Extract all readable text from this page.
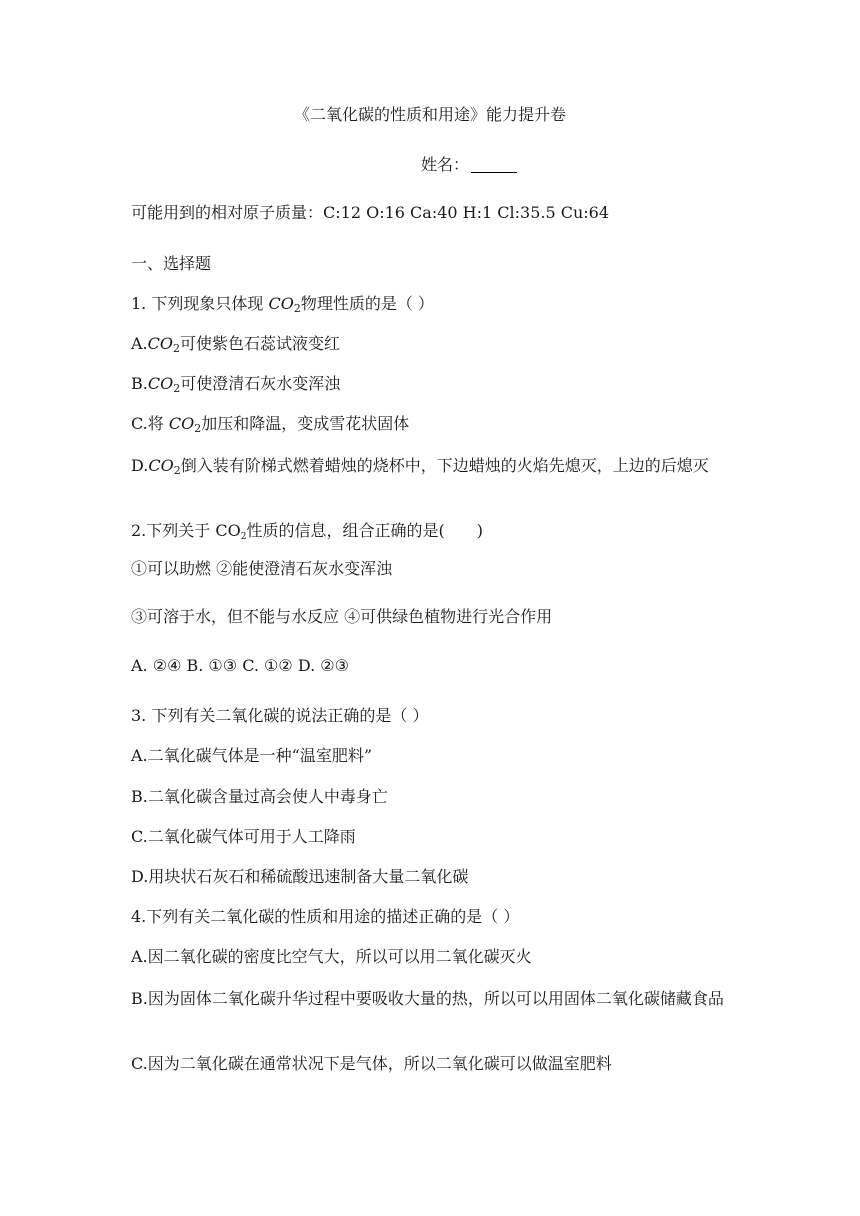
《二氧化碳的性质和用途》能力提升卷
姓名：
可能用到的相对原子质量：C:12 O:16 Ca:40 H:1 Cl:35.5 Cu:64
一、选择题
1. 下列现象只体现 $CO_2$物理性质的是（ ）
$A.CO_2$可使紫色石蕊试液变红
$B.CO_2$可使澄清石灰水变浑浊
C.将 $CO_2$加压和降温，变成雪花状固体
$D.CO_2$倒入装有阶梯式燃着蜡烛的烧杯中，下边蜡烛的火焰先熄灭，上边的后熄灭
2.下列关于 $CO_2$性质的信息，组合正确的是(　　)
①可以助燃 ②能使澄清石灰水变浑浊
③可溶于水，但不能与水反应 ④可供绿色植物进行光合作用
A. ②④ B. ①③ C. ①② D. ②③
3. 下列有关二氧化碳的说法正确的是（ ）
A.二氧化碳气体是一种“温室肥料”
B.二氧化碳含量过高会使人中毒身亡
C.二氧化碳气体可用于人工降雨
D.用块状石灰石和稀硫酸迅速制备大量二氧化碳
4.下列有关二氧化碳的性质和用途的描述正确的是（ ）
A.因二氧化碳的密度比空气大，所以可以用二氧化碳灭火
B.因为固体二氧化碳升华过程中要吸收大量的热，所以可以用固体二氧化碳储藏食品
C.因为二氧化碳在通常状况下是气体，所以二氧化碳可以做温室肥料
